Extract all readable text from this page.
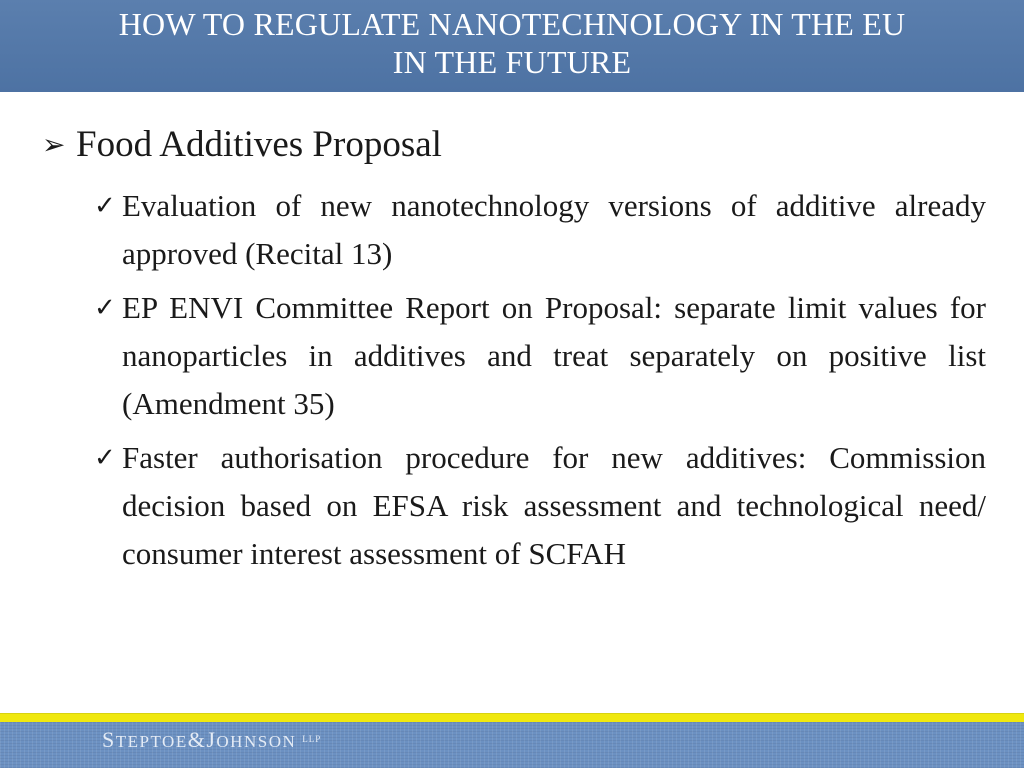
HOW TO REGULATE NANOTECHNOLOGY IN THE EU
IN THE FUTURE
➢ Food Additives Proposal
✓ Evaluation of new nanotechnology versions of additive already approved (Recital 13)
✓ EP ENVI Committee Report on Proposal: separate limit values for nanoparticles in additives and treat separately on positive list (Amendment 35)
✓ Faster authorisation procedure for new additives: Commission decision based on EFSA risk assessment and technological need/ consumer interest assessment of SCFAH
STEPTOE&JOHNSON $^{LLP}$
